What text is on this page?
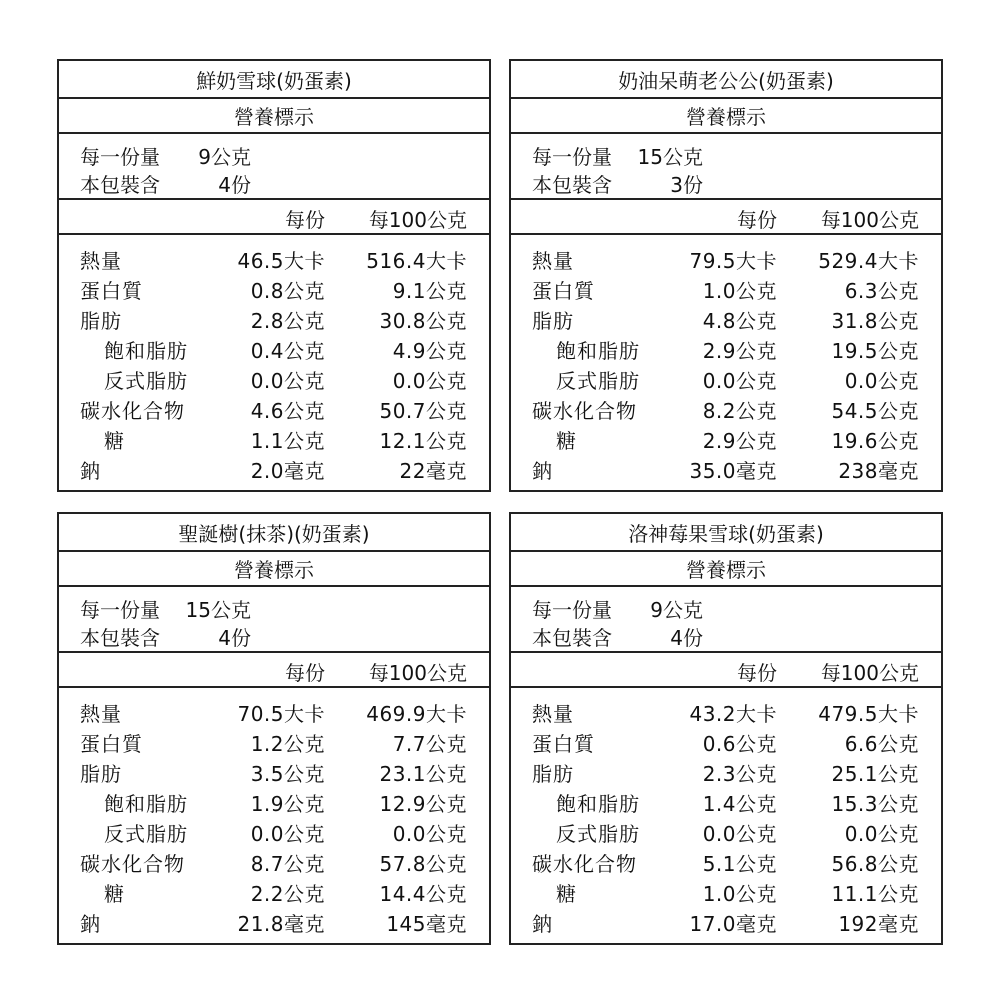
鮮奶雪球(奶蛋素)
營養標示
每一份量 9公克
本包裝含	4份
每份 每100公克
熱量	46.5大卡 516.4大卡
蛋白質	0.8公克	9.1公克
脂肪	2.8公克	30.8公克
飽和脂肪	0.4公克	4.9公克
反式脂肪	0.0公克	0.0公克
碳水化合物	4.6公克	50.7公克
糖	1.1公克	12.1公克
鈉	2.0毫克	22毫克
奶油呆萌老公公(奶蛋素)
營養標示
每一份量 15公克
本包裝含	3份
每份 每100公克
熱量	79.5大卡 529.4大卡
蛋白質	1.0公克	6.3公克
脂肪	4.8公克	31.8公克
飽和脂肪	2.9公克	19.5公克
反式脂肪	0.0公克	0.0公克
碳水化合物	8.2公克	54.5公克
糖	2.9公克	19.6公克
鈉	35.0毫克	238毫克
聖誕樹(抹茶)(奶蛋素)
營養標示
每一份量 15公克
本包裝含	4份
每份 每100公克
熱量	70.5大卡 469.9大卡
蛋白質	1.2公克	7.7公克
脂肪	3.5公克	23.1公克
飽和脂肪	1.9公克	12.9公克
反式脂肪	0.0公克	0.0公克
碳水化合物	8.7公克	57.8公克
糖	2.2公克	14.4公克
鈉	21.8毫克	145毫克
洛神莓果雪球(奶蛋素)
營養標示
每一份量 9公克
本包裝含	4份
每份 每100公克
熱量	43.2大卡 479.5大卡
蛋白質	0.6公克	6.6公克
脂肪	2.3公克	25.1公克
飽和脂肪	1.4公克	15.3公克
反式脂肪	0.0公克	0.0公克
碳水化合物	5.1公克	56.8公克
糖	1.0公克	11.1公克
鈉	17.0毫克	192毫克
